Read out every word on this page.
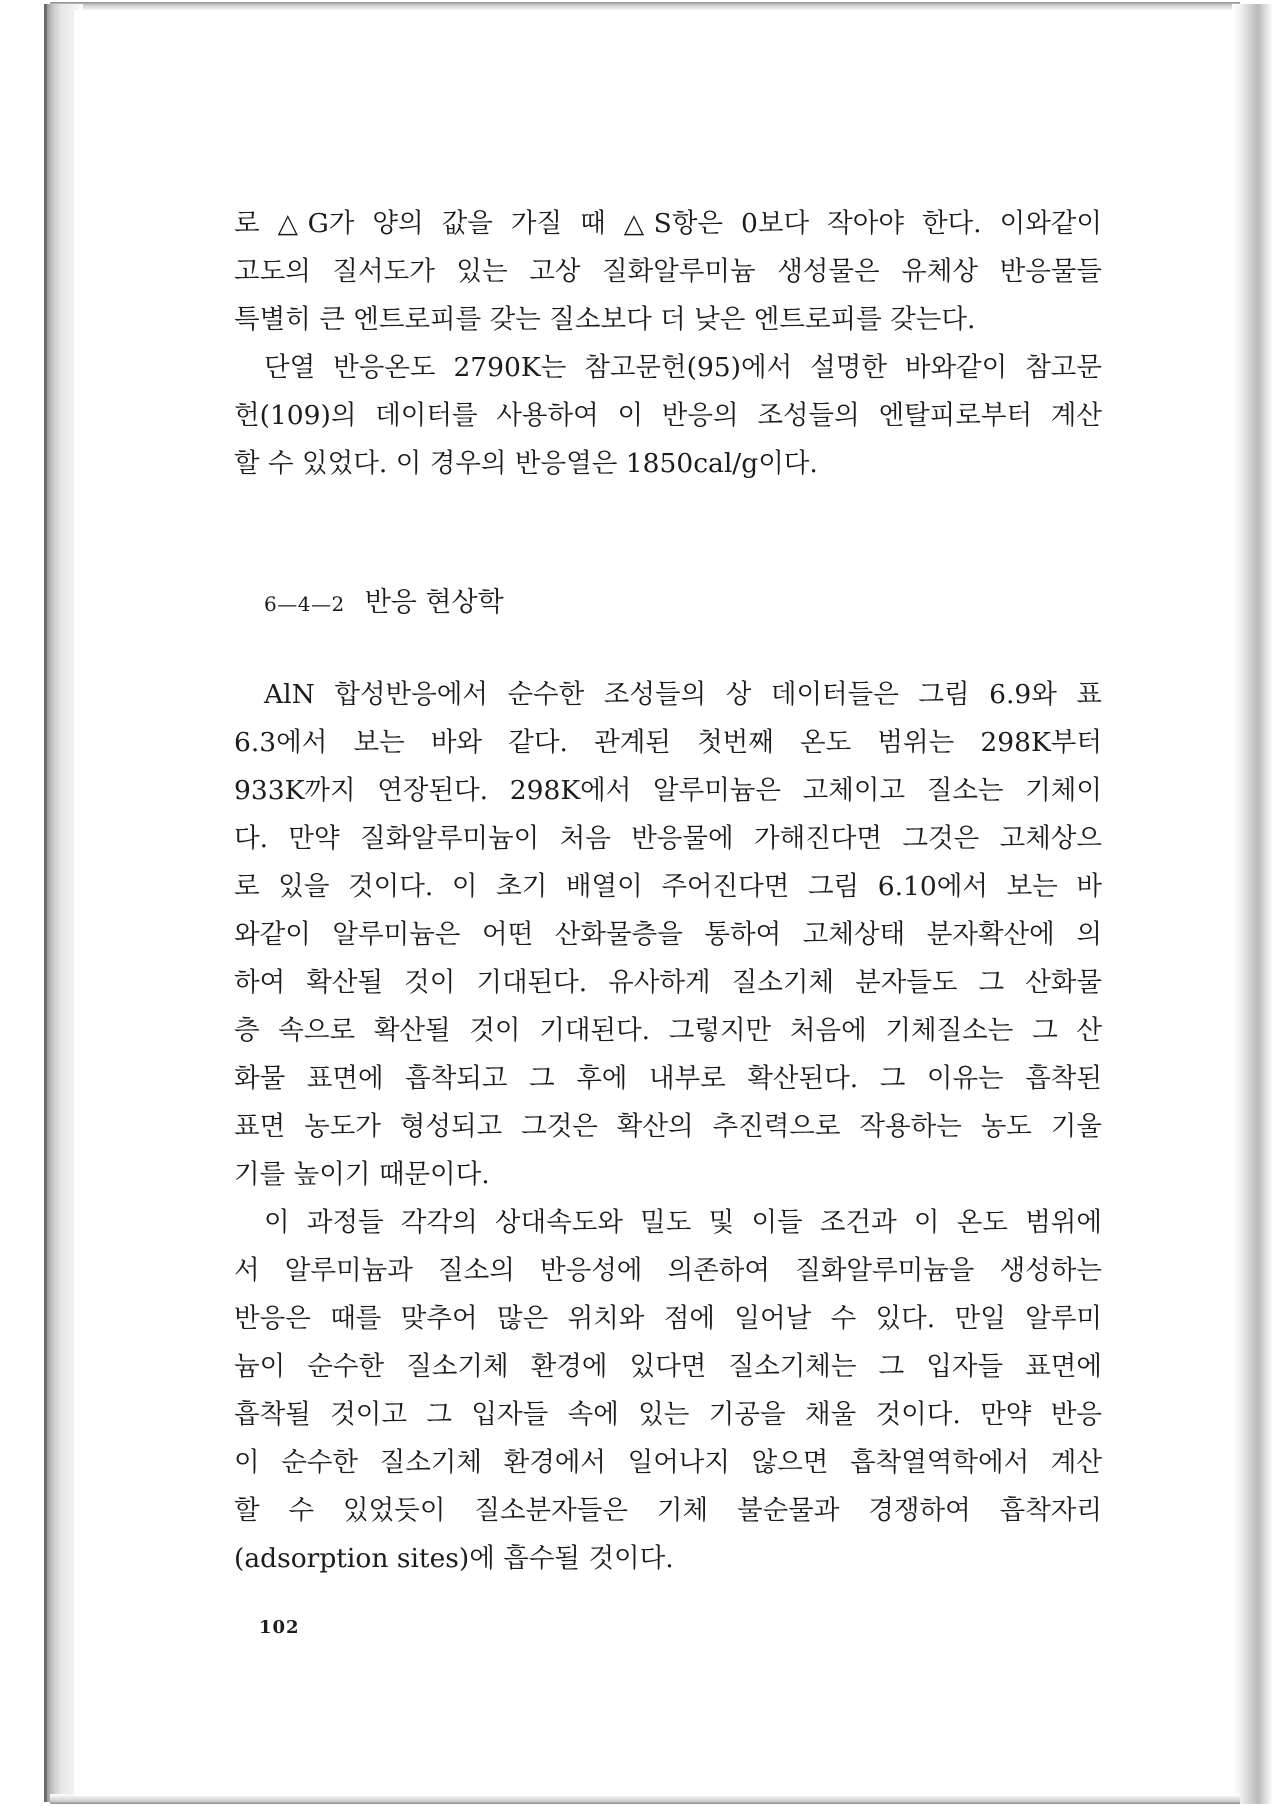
로 △G가 양의 값을 가질 때 △S항은 0보다 작아야 한다. 이와같이
고도의 질서도가 있는 고상 질화알루미늄 생성물은 유체상 반응물들
특별히 큰 엔트로피를 갖는 질소보다 더 낮은 엔트로피를 갖는다.
단열 반응온도 2790K는 참고문헌(95)에서 설명한 바와같이 참고문
헌(109)의 데이터를 사용하여 이 반응의 조성들의 엔탈피로부터 계산
할 수 있었다. 이 경우의 반응열은 1850cal/g이다.
6—4—2 반응 현상학
AlN 합성반응에서 순수한 조성들의 상 데이터들은 그림 6.9와 표
6.3에서 보는 바와 같다. 관계된 첫번째 온도 범위는 298K부터
933K까지 연장된다. 298K에서 알루미늄은 고체이고 질소는 기체이
다. 만약 질화알루미늄이 처음 반응물에 가해진다면 그것은 고체상으
로 있을 것이다. 이 초기 배열이 주어진다면 그림 6.10에서 보는 바
와같이 알루미늄은 어떤 산화물층을 통하여 고체상태 분자확산에 의
하여 확산될 것이 기대된다. 유사하게 질소기체 분자들도 그 산화물
층 속으로 확산될 것이 기대된다. 그렇지만 처음에 기체질소는 그 산
화물 표면에 흡착되고 그 후에 내부로 확산된다. 그 이유는 흡착된
표면 농도가 형성되고 그것은 확산의 추진력으로 작용하는 농도 기울
기를 높이기 때문이다.
이 과정들 각각의 상대속도와 밀도 및 이들 조건과 이 온도 범위에
서 알루미늄과 질소의 반응성에 의존하여 질화알루미늄을 생성하는
반응은 때를 맞추어 많은 위치와 점에 일어날 수 있다. 만일 알루미
늄이 순수한 질소기체 환경에 있다면 질소기체는 그 입자들 표면에
흡착될 것이고 그 입자들 속에 있는 기공을 채울 것이다. 만약 반응
이 순수한 질소기체 환경에서 일어나지 않으면 흡착열역학에서 계산
할 수 있었듯이 질소분자들은 기체 불순물과 경쟁하여 흡착자리
(adsorption sites)에 흡수될 것이다.
102
